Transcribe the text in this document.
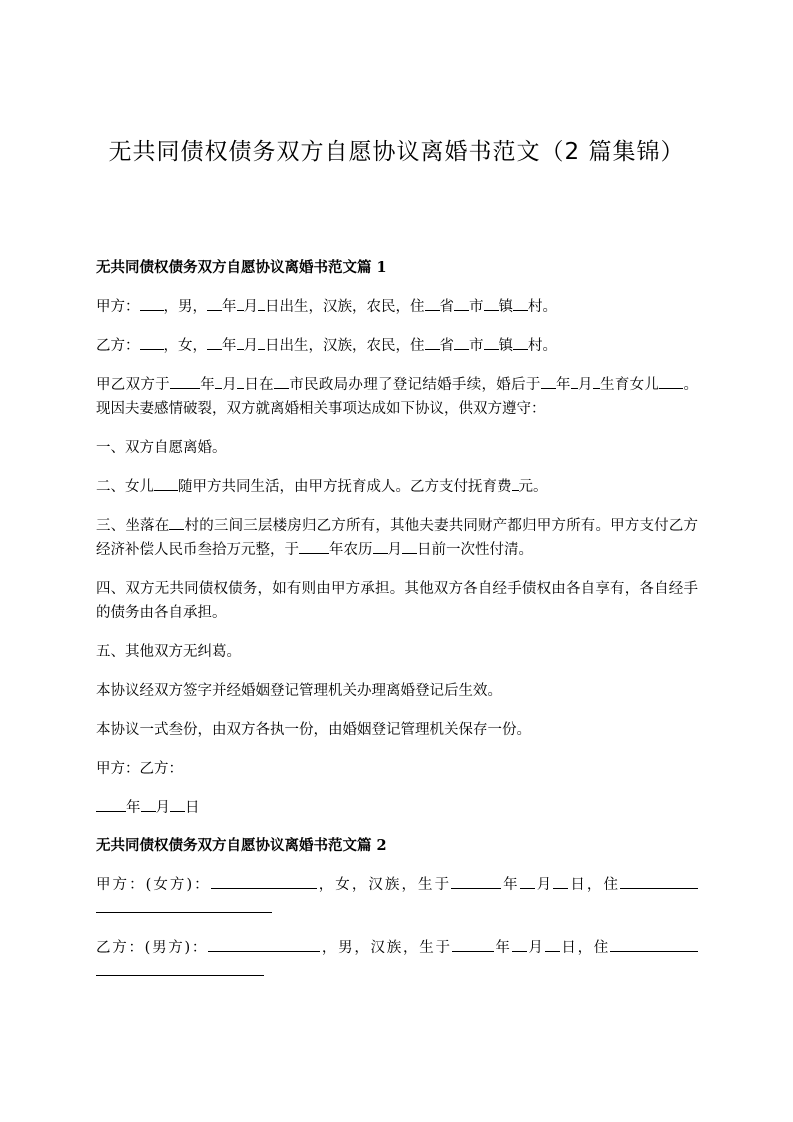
无共同债权债务双方自愿协议离婚书范文（2 篇集锦）
无共同债权债务双方自愿协议离婚书范文篇 1
甲方： ，男， 年 月 日出生，汉族，农民，住 省 市 镇 村。
乙方： ，女， 年 月 日出生，汉族，农民，住 省 市 镇 村。
甲乙双方于 年 月 日在 市民政局办理了登记结婚手续，婚后于 年 月 生育女儿 。现因夫妻感情破裂，双方就离婚相关事项达成如下协议，供双方遵守：
一、双方自愿离婚。
二、女儿 随甲方共同生活，由甲方抚育成人。乙方支付抚育费 元。
三、坐落在 村的三间三层楼房归乙方所有，其他夫妻共同财产都归甲方所有。甲方支付乙方经济补偿人民币叁拾万元整，于 年农历 月 日前一次性付清。
四、双方无共同债权债务，如有则由甲方承担。其他双方各自经手债权由各自享有，各自经手的债务由各自承担。
五、其他双方无纠葛。
本协议经双方签字并经婚姻登记管理机关办理离婚登记后生效。
本协议一式叁份，由双方各执一份，由婚姻登记管理机关保存一份。
甲方：乙方：
年 月 日
无共同债权债务双方自愿协议离婚书范文篇 2
甲方：(女方)：	，女，汉族，生于	年 月 日，住
乙方：(男方)：	，男，汉族，生于	年 月 日，住
